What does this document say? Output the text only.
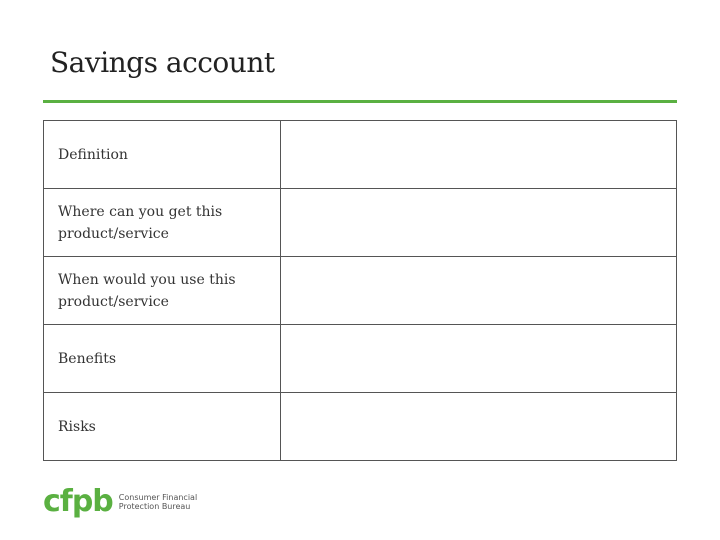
Savings account
Definition	
Where can you get this product/service	
When would you use this product/service	
Benefits	
Risks	
cfpb Consumer Financial
Protection Bureau
